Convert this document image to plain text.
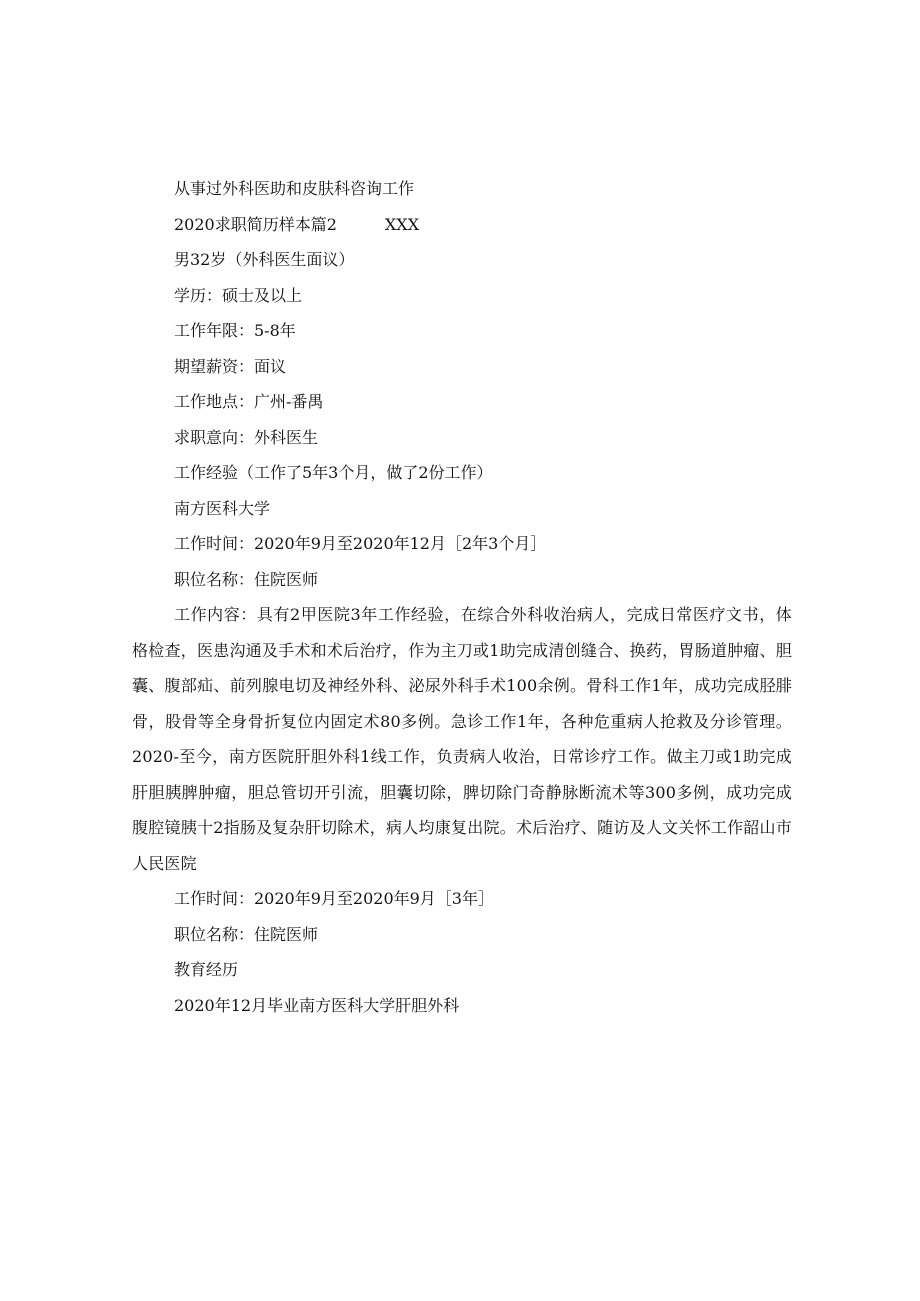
从事过外科医助和皮肤科咨询工作
2020求职简历样本篇2	XXX
男32岁（外科医生面议）
学历：硕士及以上
工作年限：5-8年
期望薪资：面议
工作地点：广州-番禺
求职意向：外科医生
工作经验（工作了5年3个月，做了2份工作）
南方医科大学
工作时间：2020年9月至2020年12月［2年3个月］
职位名称：住院医师
工作内容：具有2甲医院3年工作经验，在综合外科收治病人，完成日常医疗文书，体格检查，医患沟通及手术和术后治疗，作为主刀或1助完成清创缝合、换药，胃肠道肿瘤、胆囊、腹部疝、前列腺电切及神经外科、泌尿外科手术100余例。骨科工作1年，成功完成胫腓骨，股骨等全身骨折复位内固定术80多例。急诊工作1年，各种危重病人抢救及分诊管理。2020-至今，南方医院肝胆外科1线工作，负责病人收治，日常诊疗工作。做主刀或1助完成肝胆胰脾肿瘤，胆总管切开引流，胆囊切除，脾切除门奇静脉断流术等300多例，成功完成腹腔镜胰十2指肠及复杂肝切除术，病人均康复出院。术后治疗、随访及人文关怀工作韶山市人民医院
工作时间：2020年9月至2020年9月［3年］
职位名称：住院医师
教育经历
2020年12月毕业南方医科大学肝胆外科
